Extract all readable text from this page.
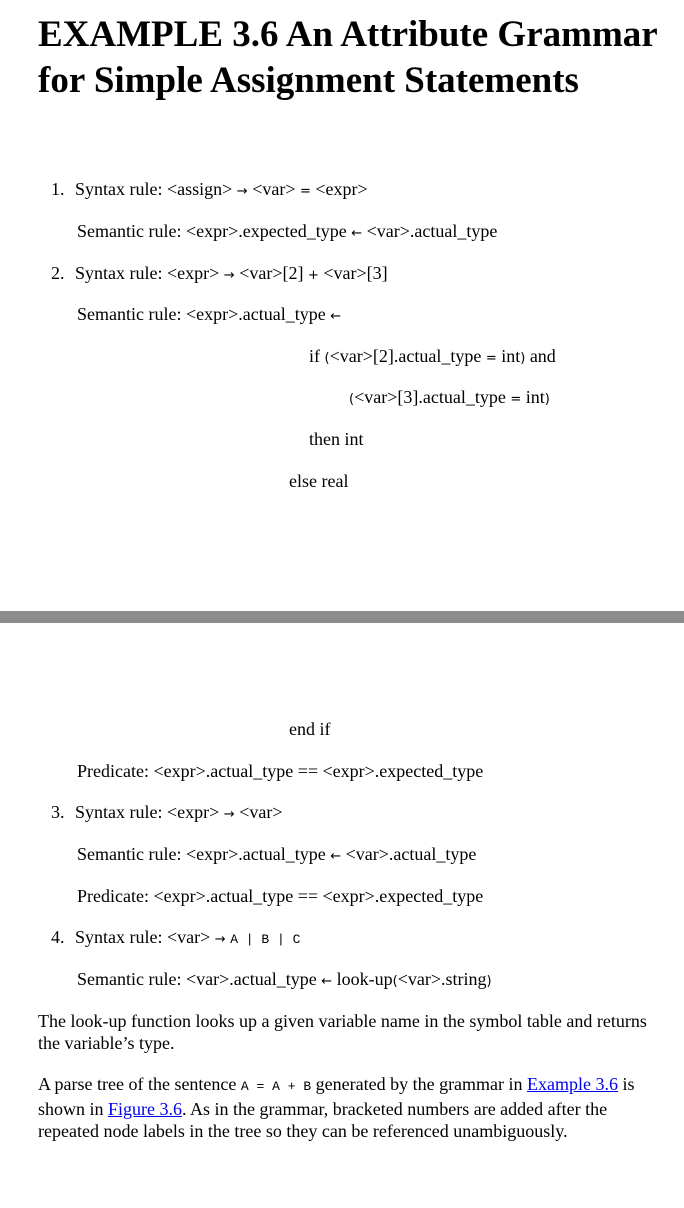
EXAMPLE 3.6 An Attribute Grammar for Simple Assignment Statements
1. Syntax rule: <assign> → <var> = <expr>
Semantic rule: <expr>.expected_type ← <var>.actual_type
2. Syntax rule: <expr> → <var>[2] + <var>[3]
Semantic rule: <expr>.actual_type ←
if (<var>[2].actual_type = int) and
(<var>[3].actual_type = int)
then int
else real
end if
Predicate: <expr>.actual_type == <expr>.expected_type
3. Syntax rule: <expr> → <var>
Semantic rule: <expr>.actual_type ← <var>.actual_type
Predicate: <expr>.actual_type == <expr>.expected_type
4. Syntax rule: <var> → A | B | C
Semantic rule: <var>.actual_type ← look-up(<var>.string)
The look-up function looks up a given variable name in the symbol table and returns the variable’s type.
A parse tree of the sentence A = A + B generated by the grammar in Example 3.6 is shown in Figure 3.6. As in the grammar, bracketed numbers are added after the repeated node labels in the tree so they can be referenced unambiguously.
